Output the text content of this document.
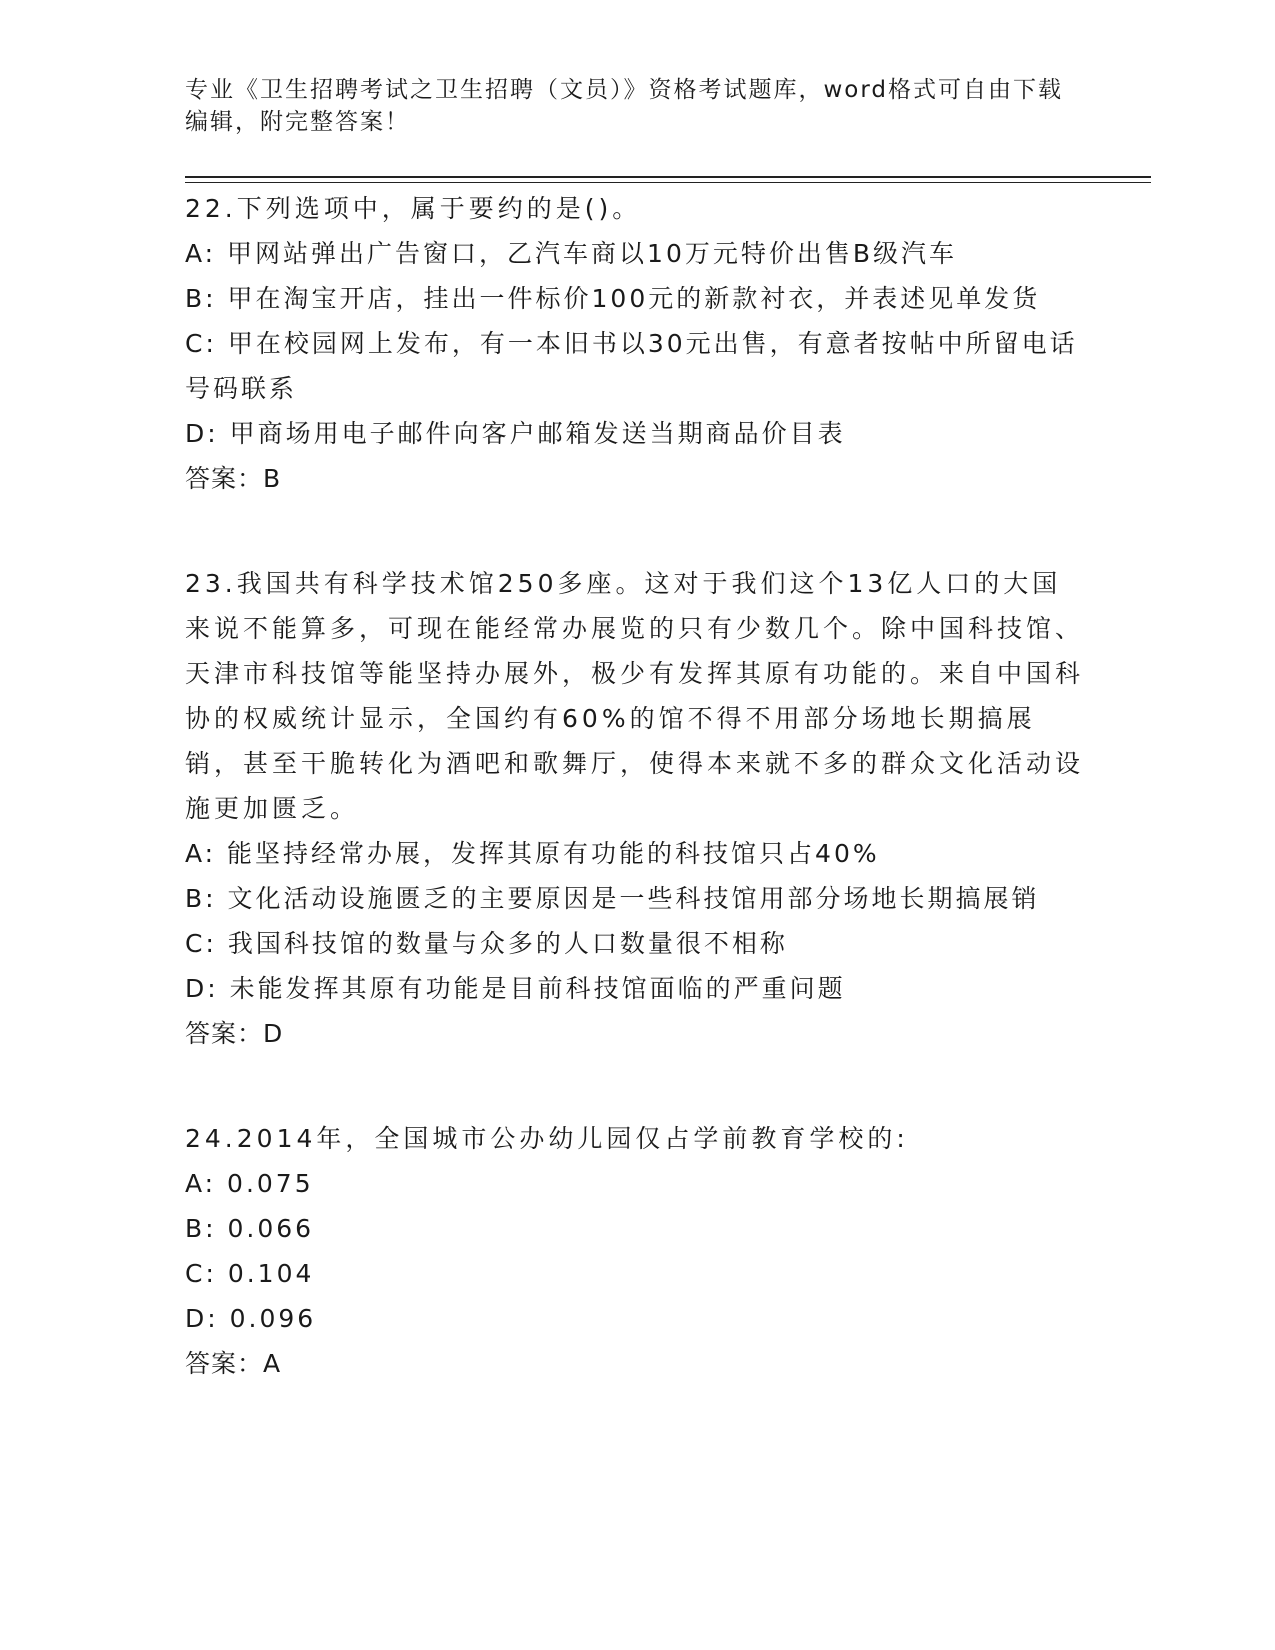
专业《卫生招聘考试之卫生招聘（文员）》资格考试题库，word格式可自由下载编辑，附完整答案！

22.下列选项中，属于要约的是()。

A: 甲网站弹出广告窗口，乙汽车商以10万元特价出售B级汽车

B: 甲在淘宝开店，挂出一件标价100元的新款衬衣，并表述见单发货

C: 甲在校园网上发布，有一本旧书以30元出售，有意者按帖中所留电话号码联系

D: 甲商场用电子邮件向客户邮箱发送当期商品价目表

答案：B

23.我国共有科学技术馆250多座。这对于我们这个13亿人口的大国来说不能算多，可现在能经常办展览的只有少数几个。除中国科技馆、天津市科技馆等能坚持办展外，极少有发挥其原有功能的。来自中国科协的权威统计显示，全国约有60%的馆不得不用部分场地长期搞展销，甚至干脆转化为酒吧和歌舞厅，使得本来就不多的群众文化活动设施更加匮乏。

A: 能坚持经常办展，发挥其原有功能的科技馆只占40%

B: 文化活动设施匮乏的主要原因是一些科技馆用部分场地长期搞展销

C: 我国科技馆的数量与众多的人口数量很不相称

D: 未能发挥其原有功能是目前科技馆面临的严重问题

答案：D

24.2014年，全国城市公办幼儿园仅占学前教育学校的:

A: 0.075

B: 0.066

C: 0.104

D: 0.096

答案：A
